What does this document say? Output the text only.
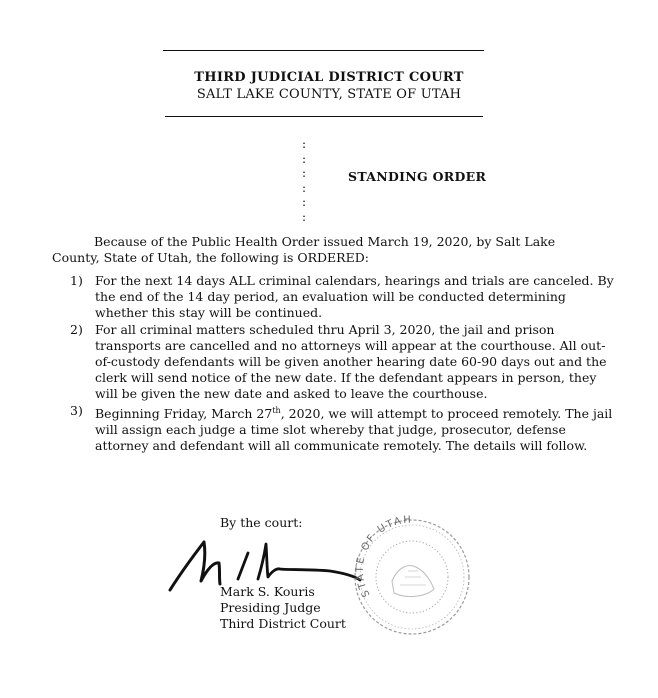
THIRD JUDICIAL DISTRICT COURT
SALT LAKE COUNTY, STATE OF UTAH
:
:
:
:
:
:
STANDING ORDER
Because of the Public Health Order issued March 19, 2020, by Salt Lake
County, State of Utah, the following is ORDERED:
1) For the next 14 days ALL criminal calendars, hearings and trials are canceled. By the end of the 14 day period, an evaluation will be conducted determining whether this stay will be continued.
2) For all criminal matters scheduled thru April 3, 2020, the jail and prison transports are cancelled and no attorneys will appear at the courthouse. All out-of-custody defendants will be given another hearing date 60-90 days out and the clerk will send notice of the new date. If the defendant appears in person, they will be given the new date and asked to leave the courthouse.
3) Beginning Friday, March 27th, 2020, we will attempt to proceed remotely. The jail will assign each judge a time slot whereby that judge, prosecutor, defense attorney and defendant will all communicate remotely. The details will follow.
By the court:
Mark S. Kouris
Presiding Judge
Third District Court
STATE OF UTAH
